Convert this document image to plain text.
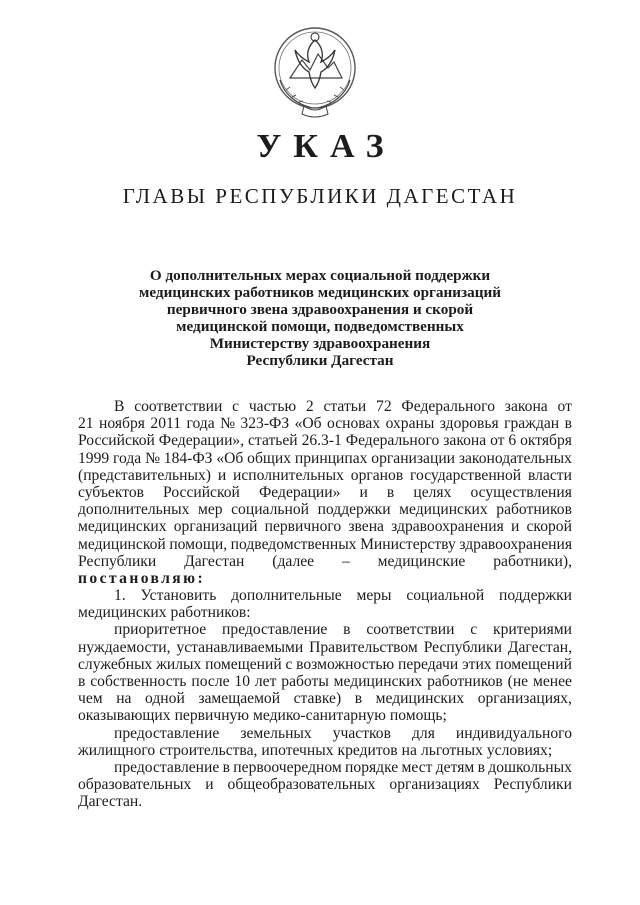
УКАЗ
ГЛАВЫ РЕСПУБЛИКИ ДАГЕСТАН
О дополнительных мерах социальной поддержки
медицинских работников медицинских организаций
первичного звена здравоохранения и скорой
медицинской помощи, подведомственных
Министерству здравоохранения
Республики Дагестан
В соответствии с частью 2 статьи 72 Федерального закона от
21 ноября 2011 года № 323-ФЗ «Об основах охраны здоровья граждан в
Российской Федерации», статьей 26.3-1 Федерального закона от 6 октября
1999 года № 184-ФЗ «Об общих принципах организации законодательных
(представительных) и исполнительных органов государственной власти
субъектов Российской Федерации» и в целях осуществления
дополнительных мер социальной поддержки медицинских работников
медицинских организаций первичного звена здравоохранения и скорой
медицинской помощи, подведомственных Министерству здравоохранения
Республики Дагестан (далее – медицинские работники),
постановляю:
1. Установить дополнительные меры социальной поддержки
медицинских работников:
приоритетное предоставление в соответствии с критериями
нуждаемости, устанавливаемыми Правительством Республики Дагестан,
служебных жилых помещений с возможностью передачи этих помещений
в собственность после 10 лет работы медицинских работников (не менее
чем на одной замещаемой ставке) в медицинских организациях,
оказывающих первичную медико-санитарную помощь;
предоставление земельных участков для индивидуального
жилищного строительства, ипотечных кредитов на льготных условиях;
предоставление в первоочередном порядке мест детям в дошкольных
образовательных и общеобразовательных организациях Республики
Дагестан.
